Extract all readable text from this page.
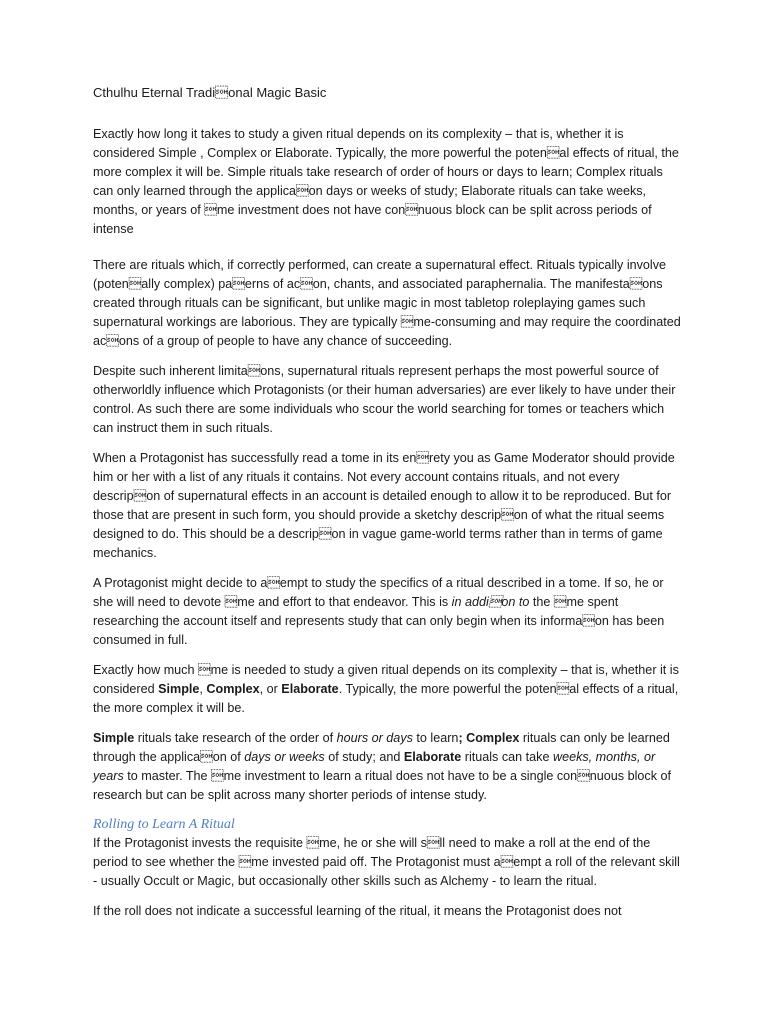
Cthulhu Eternal Tradional Magic Basic

Exactly how long it takes to study a given ritual depends on its complexity – that is, whether it is considered Simple , Complex or Elaborate. Typically, the more powerful the potenal effects of ritual, the more complex it will be. Simple rituals take research of order of hours or days to learn; Complex rituals can only learned through the applicaon days or weeks of study; Elaborate rituals can take weeks, months, or years of me investment does not have connuous block can be split across periods of intense

There are rituals which, if correctly performed, can create a supernatural effect. Rituals typically involve (potenally complex) paerns of acon, chants, and associated paraphernalia. The manifestaons created through rituals can be significant, but unlike magic in most tabletop roleplaying games such supernatural workings are laborious. They are typically me-consuming and may require the coordinated acons of a group of people to have any chance of succeeding.

Despite such inherent limitaons, supernatural rituals represent perhaps the most powerful source of otherworldly influence which Protagonists (or their human adversaries) are ever likely to have under their control. As such there are some individuals who scour the world searching for tomes or teachers which can instruct them in such rituals.

When a Protagonist has successfully read a tome in its enrety you as Game Moderator should provide him or her with a list of any rituals it contains. Not every account contains rituals, and not every descripon of supernatural effects in an account is detailed enough to allow it to be reproduced. But for those that are present in such form, you should provide a sketchy descripon of what the ritual seems designed to do. This should be a descripon in vague game-world terms rather than in terms of game mechanics.

A Protagonist might decide to aempt to study the specifics of a ritual described in a tome. If so, he or she will need to devote me and effort to that endeavor. This is in addion to the me spent researching the account itself and represents study that can only begin when its informaon has been consumed in full.

Exactly how much me is needed to study a given ritual depends on its complexity – that is, whether it is considered Simple, Complex, or Elaborate. Typically, the more powerful the potenal effects of a ritual, the more complex it will be.

Simple rituals take research of the order of hours or days to learn; Complex rituals can only be learned through the applicaon of days or weeks of study; and Elaborate rituals can take weeks, months, or years to master. The me investment to learn a ritual does not have to be a single connuous block of research but can be split across many shorter periods of intense study.

Rolling to Learn A Ritual

If the Protagonist invests the requisite me, he or she will sll need to make a roll at the end of the period to see whether the me invested paid off. The Protagonist must aempt a roll of the relevant skill - usually Occult or Magic, but occasionally other skills such as Alchemy - to learn the ritual.

If the roll does not indicate a successful learning of the ritual, it means the Protagonist does not
